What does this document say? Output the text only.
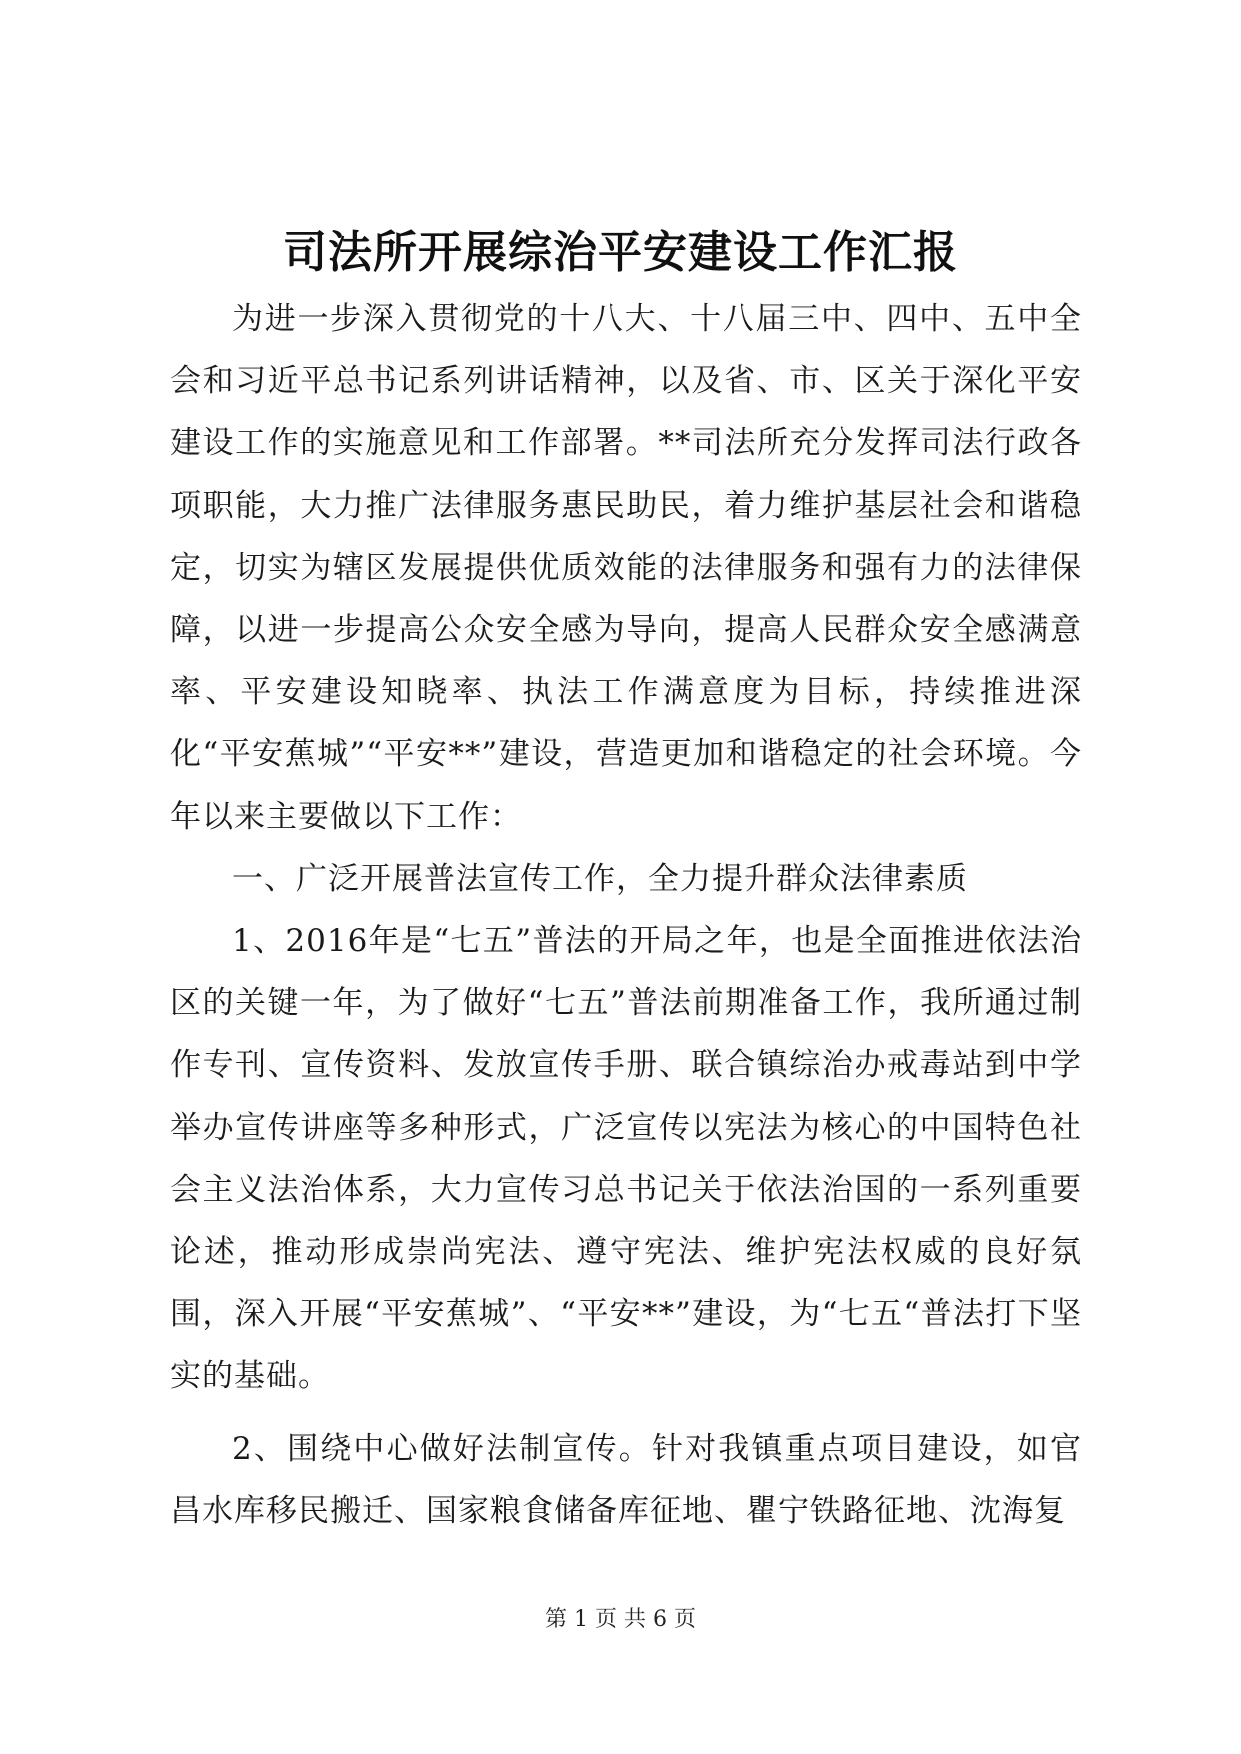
司法所开展综治平安建设工作汇报

为进一步深入贯彻党的十八大、十八届三中、四中、五中全会和习近平总书记系列讲话精神，以及省、市、区关于深化平安建设工作的实施意见和工作部署。**司法所充分发挥司法行政各项职能，大力推广法律服务惠民助民，着力维护基层社会和谐稳定，切实为辖区发展提供优质效能的法律服务和强有力的法律保障，以进一步提高公众安全感为导向，提高人民群众安全感满意率、平安建设知晓率、执法工作满意度为目标，持续推进深化“平安蕉城”“平安**”建设，营造更加和谐稳定的社会环境。今年以来主要做以下工作：

一、广泛开展普法宣传工作，全力提升群众法律素质

1、2016年是“七五”普法的开局之年，也是全面推进依法治区的关键一年，为了做好“七五”普法前期准备工作，我所通过制作专刊、宣传资料、发放宣传手册、联合镇综治办戒毒站到中学举办宣传讲座等多种形式，广泛宣传以宪法为核心的中国特色社会主义法治体系，大力宣传习总书记关于依法治国的一系列重要论述，推动形成崇尚宪法、遵守宪法、维护宪法权威的良好氛围，深入开展“平安蕉城”、“平安**”建设，为“七五“普法打下坚实的基础。

2、围绕中心做好法制宣传。针对我镇重点项目建设，如官昌水库移民搬迁、国家粮食储备库征地、瞿宁铁路征地、沈海复

第 1 页 共 6 页
